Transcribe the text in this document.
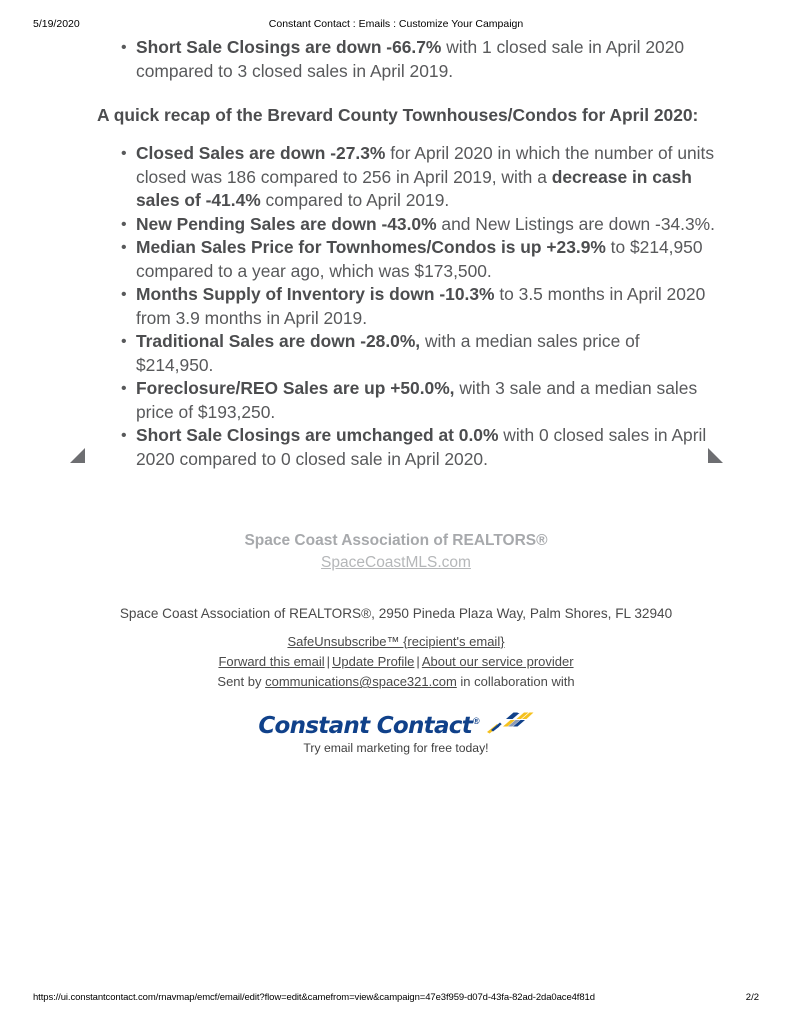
5/19/2020	Constant Contact : Emails : Customize Your Campaign
• Short Sale Closings are down -66.7% with 1 closed sale in April 2020 compared to 3 closed sales in April 2019.
A quick recap of the Brevard County Townhouses/Condos for April 2020:
• Closed Sales are down -27.3% for April 2020 in which the number of units closed was 186 compared to 256 in April 2019, with a decrease in cash sales of -41.4% compared to April 2019.
• New Pending Sales are down -43.0% and New Listings are down -34.3%.
• Median Sales Price for Townhomes/Condos is up +23.9% to $214,950 compared to a year ago, which was $173,500.
• Months Supply of Inventory is down -10.3% to 3.5 months in April 2020 from 3.9 months in April 2019.
• Traditional Sales are down -28.0%, with a median sales price of $214,950.
• Foreclosure/REO Sales are up +50.0%, with 3 sale and a median sales price of $193,250.
• Short Sale Closings are umchanged at 0.0% with 0 closed sales in April 2020 compared to 0 closed sale in April 2020.
Space Coast Association of REALTORS®
SpaceCoastMLS.com
Space Coast Association of REALTORS®, 2950 Pineda Plaza Way, Palm Shores, FL 32940
SafeUnsubscribe™ {recipient's email}
Forward this email | Update Profile | About our service provider
Sent by communications@space321.com in collaboration with
Constant Contact®
Try email marketing for free today!
https://ui.constantcontact.com/rnavmap/emcf/email/edit?flow=edit&camefrom=view&campaign=47e3f959-d07d-43fa-82ad-2da0ace4f81d	2/2
